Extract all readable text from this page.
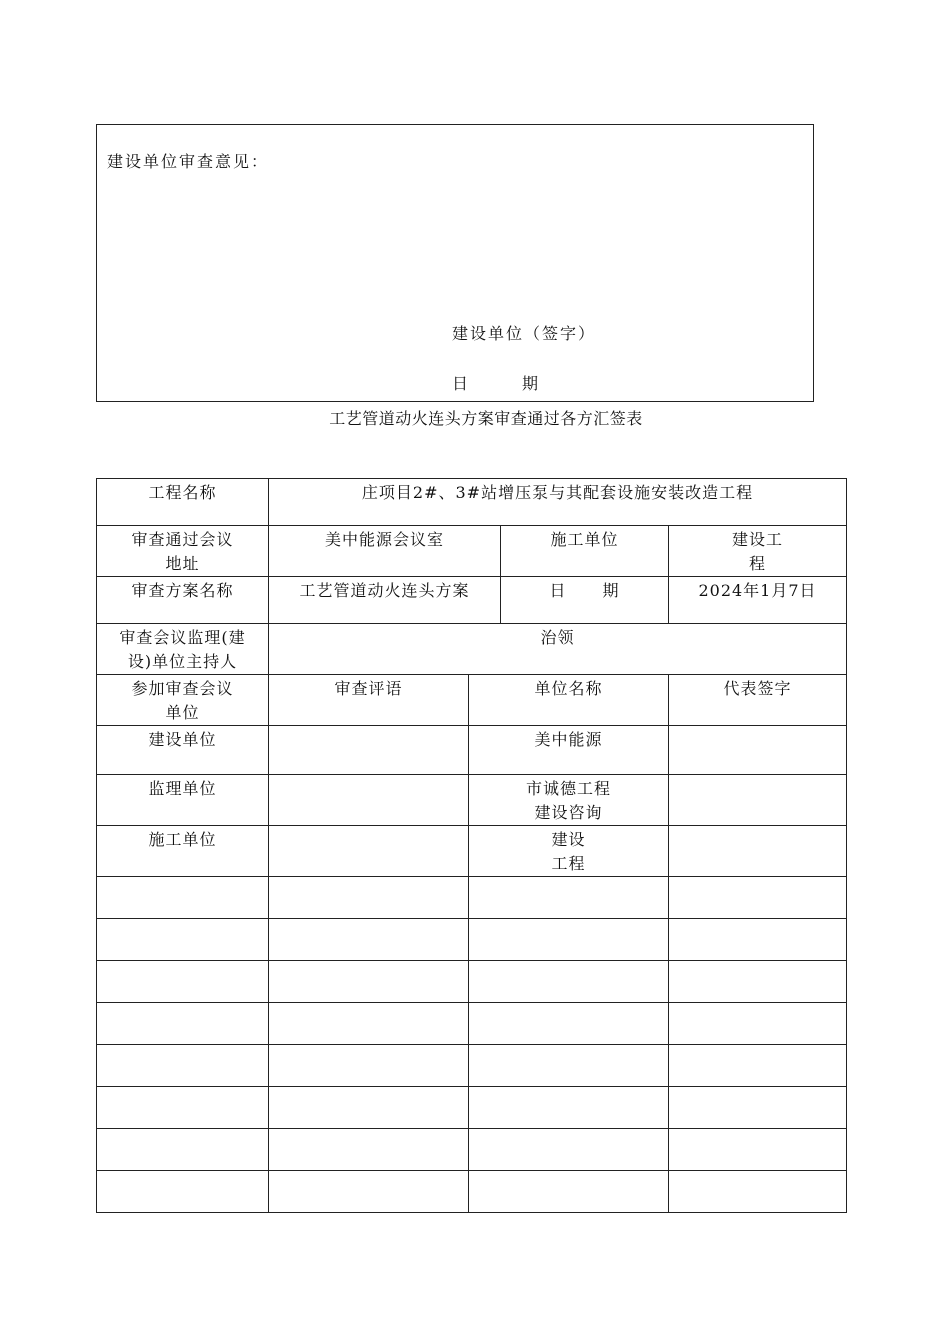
建设单位审查意见：
建设单位（签字）
日	期
工艺管道动火连头方案审查通过各方汇签表
工程名称	庄项目2#、3#站增压泵与其配套设施安装改造工程			
审查通过会议地址	美中能源会议室		施工单位	建设工程
审查方案名称	工艺管道动火连头方案		日 期	2024年1月7日
审查会议监理(建设)单位主持人	治领			
参加审查会议单位	审查评语	单位名称		代表签字
建设单位		美中能源		
监理单位		市诚德工程建设咨询		
施工单位		建设工程		
